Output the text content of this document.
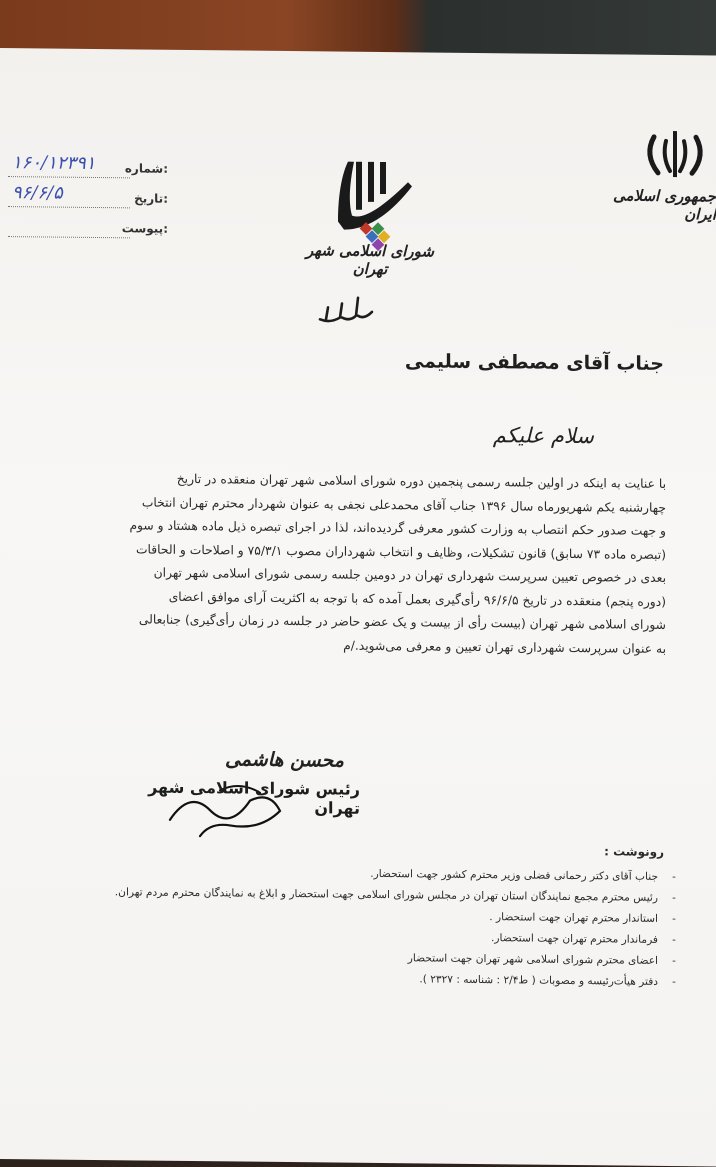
شماره:
۱۶۰/۱۲۳۹۱
تاریخ:
۹۶/۶/۵
پیوست:
شورای اسلامی شهر تهران
جمهوری اسلامی ایران
جناب آقای مصطفی سلیمی
سلام علیکم

با عنایت به اینکه در اولین جلسه رسمی پنجمین دوره شورای اسلامی شهر تهران منعقده در تاریخ

چهارشنبه یکم شهریورماه سال ۱۳۹۶ جناب آقای محمدعلی نجفی به عنوان شهردار محترم تهران انتخاب

و جهت صدور حکم انتصاب به وزارت کشور معرفی گردیده‌اند، لذا در اجرای تبصره ذیل ماده هشتاد و سوم

(تبصره ماده ۷۳ سابق) قانون تشکیلات، وظایف و انتخاب شهرداران مصوب ۷۵/۳/۱ و اصلاحات و الحاقات

بعدی در خصوص تعیین سرپرست شهرداری تهران در دومین جلسه رسمی شورای اسلامی شهر تهران

(دوره پنجم) منعقده در تاریخ ۹۶/۶/۵ رأی‌گیری بعمل آمده که با توجه به اکثریت آرای موافق اعضای

شورای اسلامی شهر تهران (بیست رأی از بیست و یک عضو حاضر در جلسه در زمان رأی‌گیری) جنابعالی

به عنوان سرپرست شهرداری تهران تعیین و معرفی می‌شوید./م

محسن هاشمی
رئیس شورای اسلامی شهر تهران
رونوشت :
- جناب آقای دکتر رحمانی فضلی وزیر محترم کشور جهت استحضار.
- رئیس محترم مجمع نمایندگان استان تهران در مجلس شورای اسلامی جهت استحضار و ابلاغ به نمایندگان محترم مردم تهران.
- استاندار محترم تهران جهت استحضار .
- فرماندار محترم تهران جهت استحضار.
- اعضای محترم شورای اسلامی شهر تهران جهت استحضار
- دفتر هیأت‌رئیسه و مصوبات ( ط۲/۴ : شناسه : ۲۳۲۷ ).
